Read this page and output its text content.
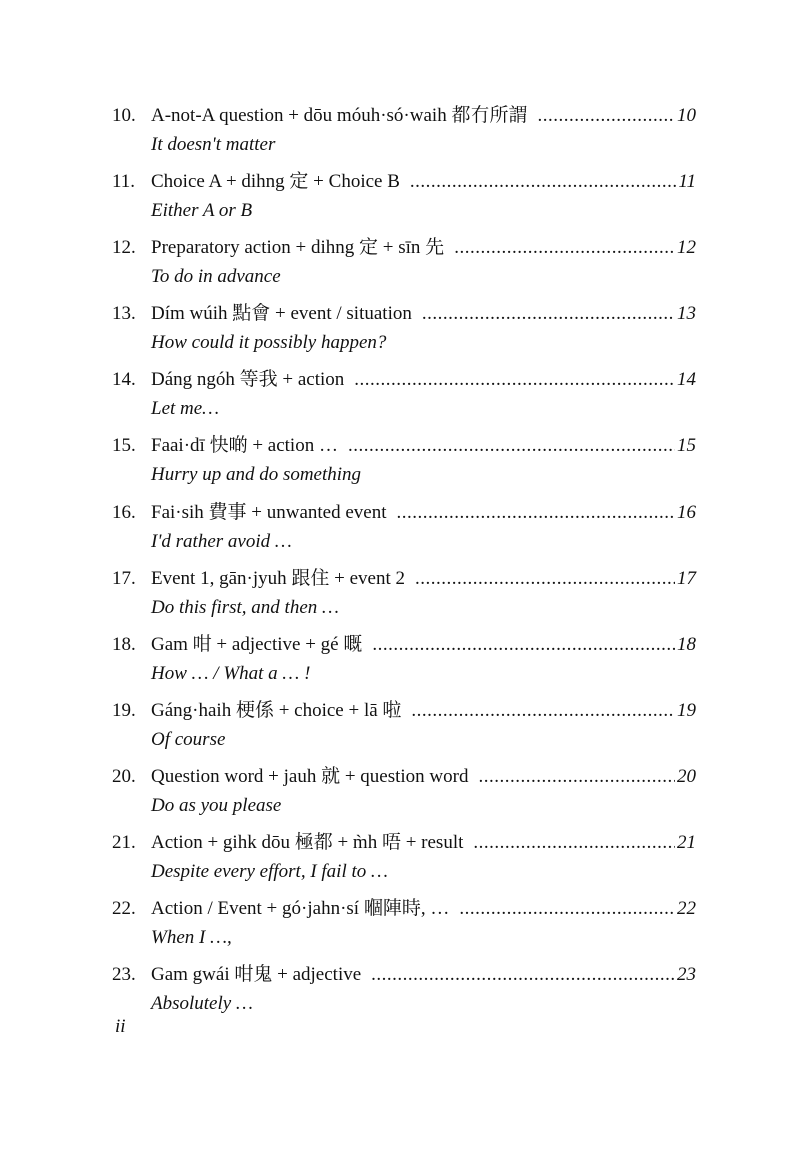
10. A-not-A question + dōu móuh·só·waih 都冇所謂 .....	10
It doesn't matter
11. Choice A + dihng 定 + Choice B .....	11
Either A or B
12. Preparatory action + dihng 定 + sīn 先 .....	12
To do in advance
13. Dím wúih 點會 + event / situation .....	13
How could it possibly happen?
14. Dáng ngóh 等我 + action .....	14
Let me…
15. Faai·dī 快啲 + action … .....	15
Hurry up and do something
16. Fai·sih 費事 + unwanted event .....	16
I'd rather avoid …
17. Event 1, gān·jyuh 跟住 + event 2 .....	17
Do this first, and then …
18. Gam 咁 + adjective + gé 嘅 .....	18
How … / What a … !
19. Gáng·haih 梗係 + choice + lā 啦 .....	19
Of course
20. Question word + jauh 就 + question word .....	20
Do as you please
21. Action + gihk dōu 極都 + m̀h 唔 + result .....	21
Despite every effort, I fail to …
22. Action / Event + gó·jahn·sí 嗰陣時, … .....	22
When I …,
23. Gam gwái 咁鬼 + adjective .....	23
Absolutely …
ii
